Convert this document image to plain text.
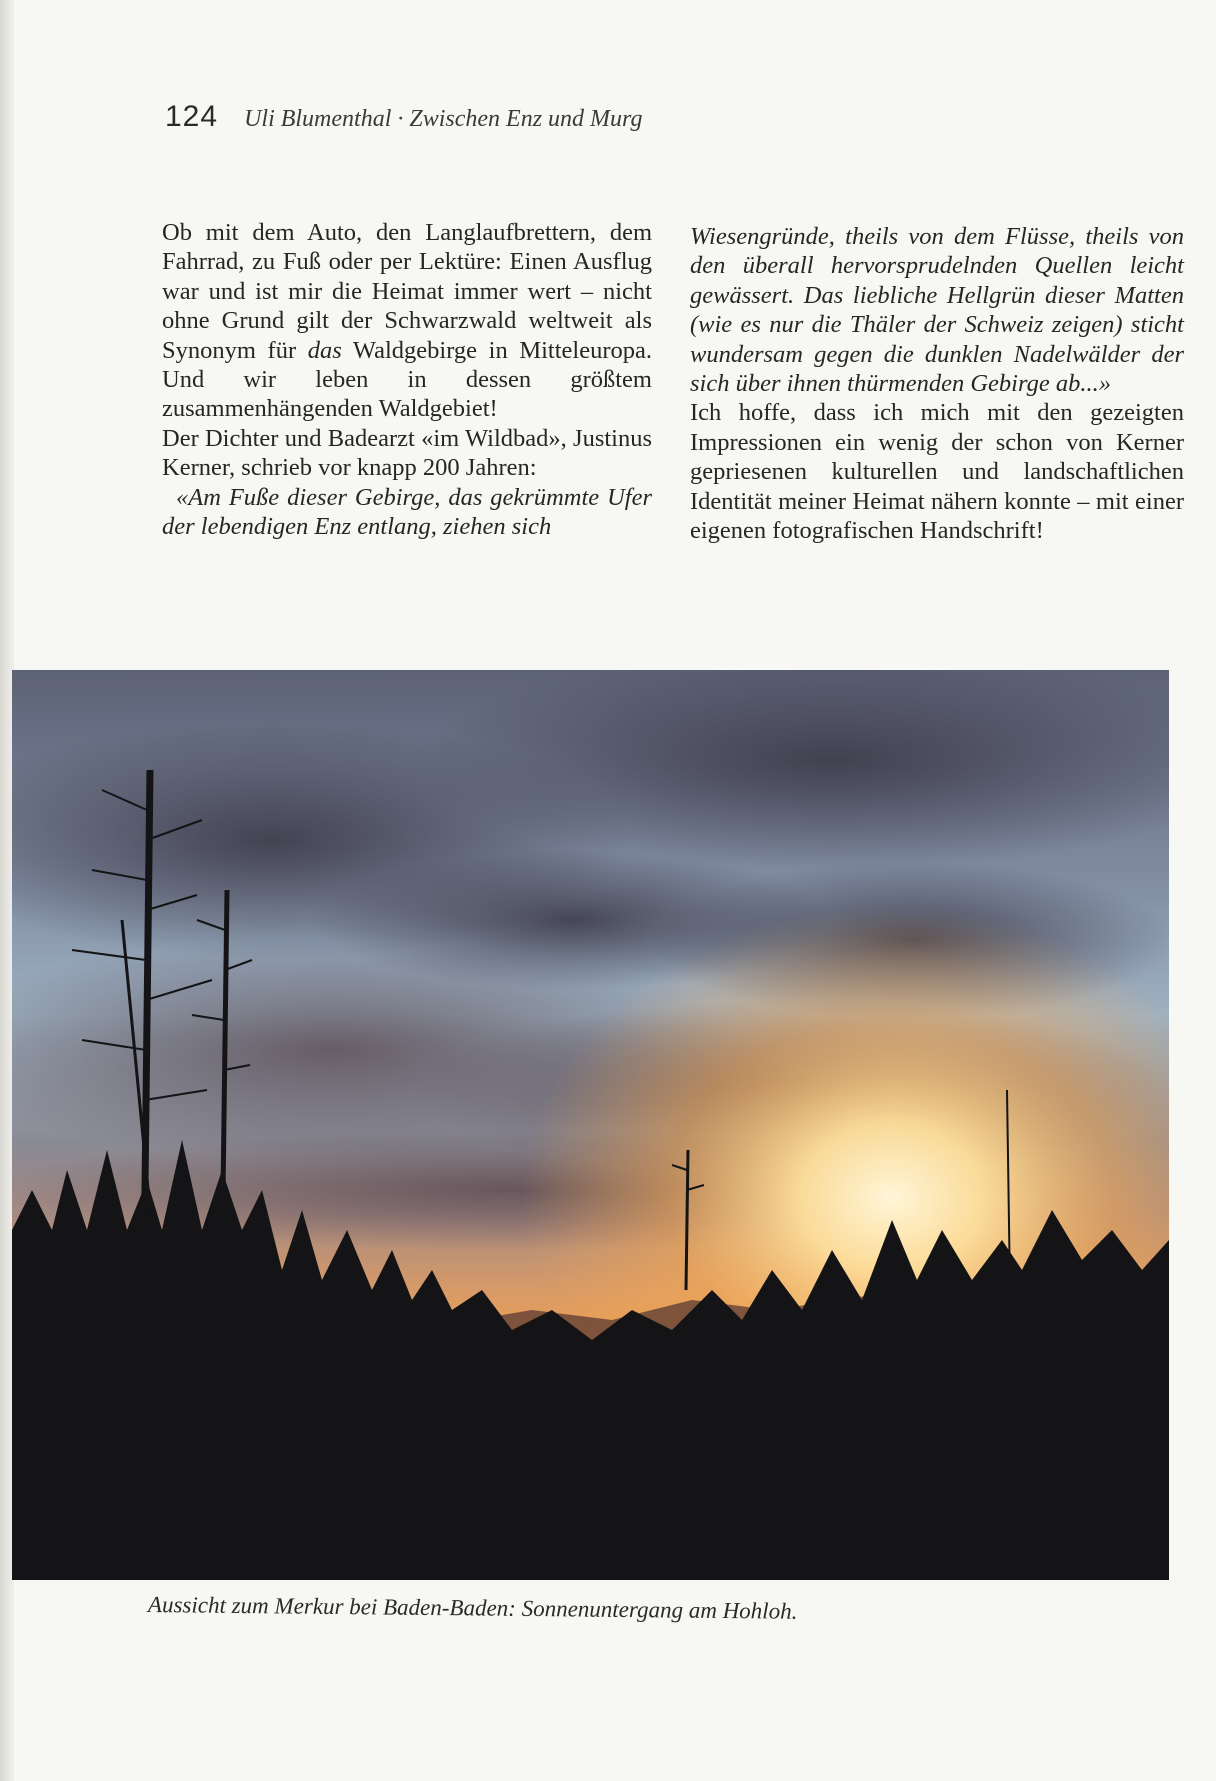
124 Uli Blumenthal · Zwischen Enz und Murg

Ob mit dem Auto, den Langlaufbrettern, dem Fahrrad, zu Fuß oder per Lektüre: Einen Ausflug war und ist mir die Heimat immer wert – nicht ohne Grund gilt der Schwarzwald weltweit als Synonym für das Waldgebirge in Mitteleuropa. Und wir leben in dessen größtem zusammenhängenden Waldgebiet!

Der Dichter und Badearzt «im Wildbad», Justinus Kerner, schrieb vor knapp 200 Jahren:

«Am Fuße dieser Gebirge, das gekrümmte Ufer der lebendigen Enz entlang, ziehen sich

Wiesengründe, theils von dem Flüsse, theils von den überall hervorsprudelnden Quellen leicht gewässert. Das liebliche Hellgrün dieser Matten (wie es nur die Thäler der Schweiz zeigen) sticht wundersam gegen die dunklen Nadelwälder der sich über ihnen thürmenden Gebirge ab...»

Ich hoffe, dass ich mich mit den gezeigten Impressionen ein wenig der schon von Kerner gepriesenen kulturellen und landschaftlichen Identität meiner Heimat nähern konnte – mit einer eigenen fotografischen Handschrift!

Aussicht zum Merkur bei Baden-Baden: Sonnenuntergang am Hohloh.
